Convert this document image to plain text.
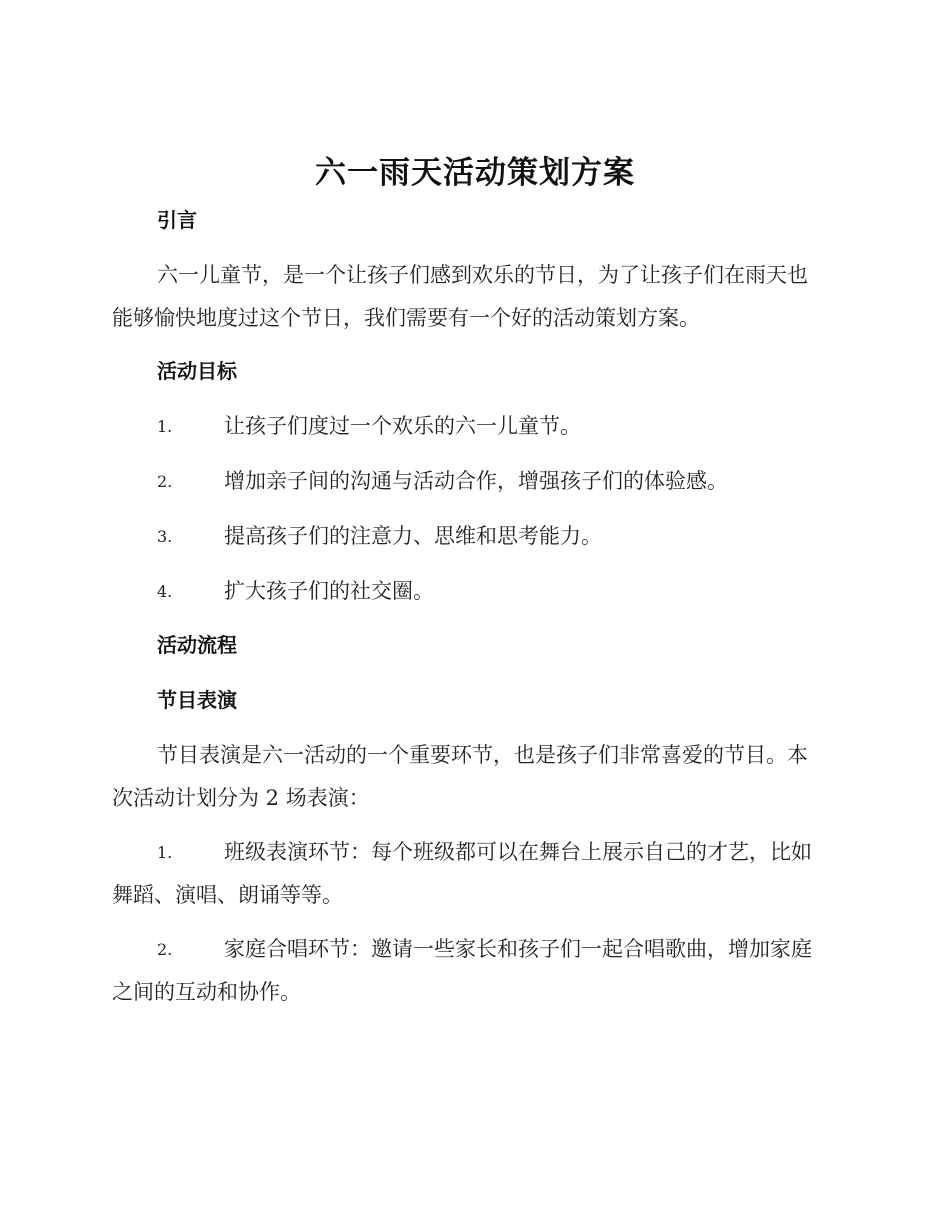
六一雨天活动策划方案
引言
六一儿童节，是一个让孩子们感到欢乐的节日，为了让孩子们在雨天也
能够愉快地度过这个节日，我们需要有一个好的活动策划方案。
活动目标
1. 让孩子们度过一个欢乐的六一儿童节。
2. 增加亲子间的沟通与活动合作，增强孩子们的体验感。
3. 提高孩子们的注意力、思维和思考能力。
4. 扩大孩子们的社交圈。
活动流程
节目表演
节目表演是六一活动的一个重要环节，也是孩子们非常喜爱的节目。本
次活动计划分为 2 场表演：
1. 班级表演环节：每个班级都可以在舞台上展示自己的才艺，比如
舞蹈、演唱、朗诵等等。
2. 家庭合唱环节：邀请一些家长和孩子们一起合唱歌曲，增加家庭
之间的互动和协作。
